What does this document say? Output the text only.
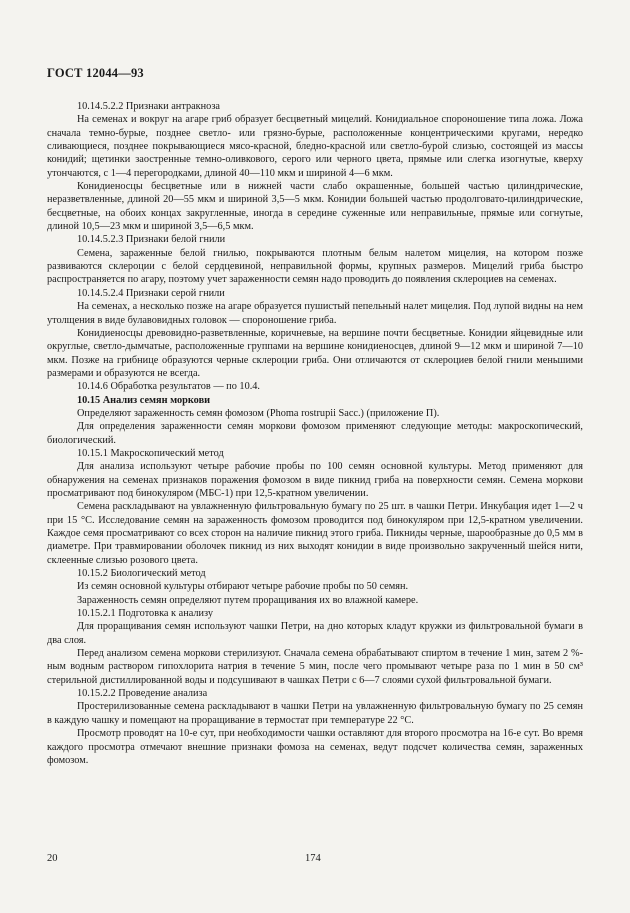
ГОСТ 12044—93

10.14.5.2.2 Признаки антракноза

На семенах и вокруг на агаре гриб образует бесцветный мицелий. Конидиальное спороношение типа ложа. Ложа сначала темно-бурые, позднее светло- или грязно-бурые, расположенные концентрическими кругами, нередко сливающиеся, позднее покрывающиеся мясо-красной, бледно-красной или светло-бурой слизью, состоящей из массы конидий; щетинки заостренные темно-оливкового, серого или черного цвета, прямые или слегка изогнутые, кверху утончаются, с 1—4 перегородками, длиной 40—110 мкм и шириной 4—6 мкм.

Конидиеносцы бесцветные или в нижней части слабо окрашенные, большей частью цилиндрические, неразветвленные, длиной 20—55 мкм и шириной 3,5—5 мкм. Конидии большей частью продолговато-цилиндрические, бесцветные, на обоих концах закругленные, иногда в середине суженные или неправильные, прямые или согнутые, длиной 10,5—23 мкм и шириной 3,5—6,5 мкм.

10.14.5.2.3 Признаки белой гнили

Семена, зараженные белой гнилью, покрываются плотным белым налетом мицелия, на котором позже развиваются склероции с белой сердцевиной, неправильной формы, крупных размеров. Мицелий гриба быстро распространяется по агару, поэтому учет зараженности семян надо проводить до появления склероциев на семенах.

10.14.5.2.4 Признаки серой гнили

На семенах, а несколько позже на агаре образуется пушистый пепельный налет мицелия. Под лупой видны на нем утолщения в виде булавовидных головок — спороношение гриба.

Конидиеносцы древовидно-разветвленные, коричневые, на вершине почти бесцветные. Конидии яйцевидные или округлые, светло-дымчатые, расположенные группами на вершине конидиеносцев, длиной 9—12 мкм и шириной 7—10 мкм. Позже на грибнице образуются черные склероции гриба. Они отличаются от склероциев белой гнили меньшими размерами и образуются не всегда.

10.14.6 Обработка результатов — по 10.4.

10.15 Анализ семян моркови

Определяют зараженность семян фомозом (Phoma rostrupii Sacc.) (приложение П).

Для определения зараженности семян моркови фомозом применяют следующие методы: макроскопический, биологический.

10.15.1 Макроскопический метод

Для анализа используют четыре рабочие пробы по 100 семян основной культуры. Метод применяют для обнаружения на семенах признаков поражения фомозом в виде пикнид гриба на поверхности семян. Семена моркови просматривают под бинокуляром (МБС-1) при 12,5-кратном увеличении.

Семена раскладывают на увлажненную фильтровальную бумагу по 25 шт. в чашки Петри. Инкубация идет 1—2 ч при 15 °С. Исследование семян на зараженность фомозом проводится под бинокуляром при 12,5-кратном увеличении. Каждое семя просматривают со всех сторон на наличие пикнид этого гриба. Пикниды черные, шарообразные до 0,5 мм в диаметре. При травмировании оболочек пикнид из них выходят конидии в виде произвольно закрученный шейся нити, склеенные слизью розового цвета.

10.15.2 Биологический метод

Из семян основной культуры отбирают четыре рабочие пробы по 50 семян.

Зараженность семян определяют путем проращивания их во влажной камере.

10.15.2.1 Подготовка к анализу

Для проращивания семян используют чашки Петри, на дно которых кладут кружки из фильтровальной бумаги в два слоя.

Перед анализом семена моркови стерилизуют. Сначала семена обрабатывают спиртом в течение 1 мин, затем 2 %-ным водным раствором гипохлорита натрия в течение 5 мин, после чего промывают четыре раза по 1 мин в 50 см³ стерильной дистиллированной воды и подсушивают в чашках Петри с 6—7 слоями сухой фильтровальной бумаги.

10.15.2.2 Проведение анализа

Простерилизованные семена раскладывают в чашки Петри на увлажненную фильтровальную бумагу по 25 семян в каждую чашку и помещают на проращивание в термостат при температуре 22 °С.

Просмотр проводят на 10-е сут, при необходимости чашки оставляют для второго просмотра на 16-е сут. Во время каждого просмотра отмечают внешние признаки фомоза на семенах, ведут подсчет количества семян, зараженных фомозом.

20	174
